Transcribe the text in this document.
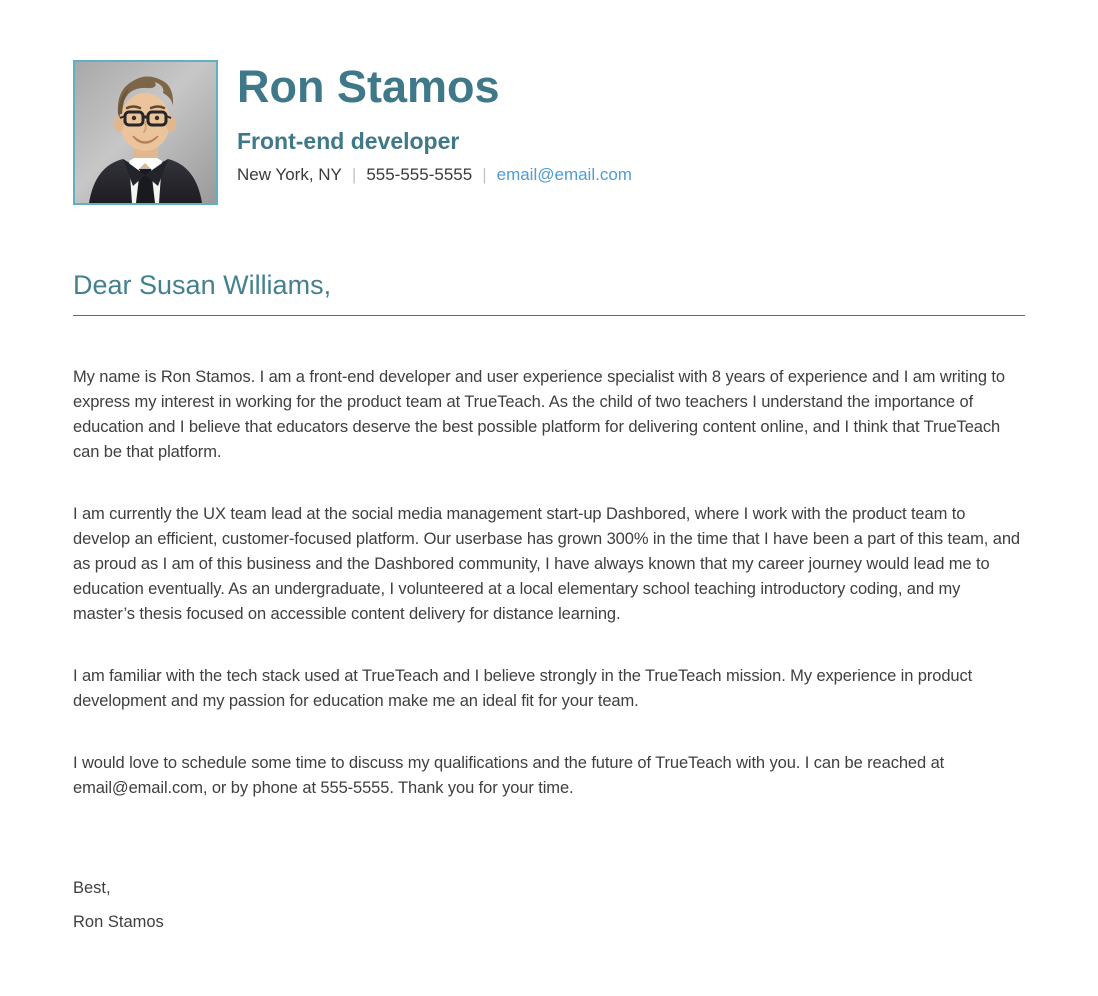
Ron Stamos
Front-end developer
New York, NY | 555-555-5555 | email@email.com
Dear Susan Williams,

My name is Ron Stamos. I am a front-end developer and user experience specialist with 8 years of experience and I am writing to express my interest in working for the product team at TrueTeach. As the child of two teachers I understand the importance of education and I believe that educators deserve the best possible platform for delivering content online, and I think that TrueTeach can be that platform.

I am currently the UX team lead at the social media management start-up Dashbored, where I work with the product team to develop an efficient, customer-focused platform. Our userbase has grown 300% in the time that I have been a part of this team, and as proud as I am of this business and the Dashbored community, I have always known that my career journey would lead me to education eventually. As an undergraduate, I volunteered at a local elementary school teaching introductory coding, and my master’s thesis focused on accessible content delivery for distance learning.

I am familiar with the tech stack used at TrueTeach and I believe strongly in the TrueTeach mission. My experience in product development and my passion for education make me an ideal fit for your team.

I would love to schedule some time to discuss my qualifications and the future of TrueTeach with you. I can be reached at email@email.com, or by phone at 555-5555. Thank you for your time.

Best,
Ron Stamos
